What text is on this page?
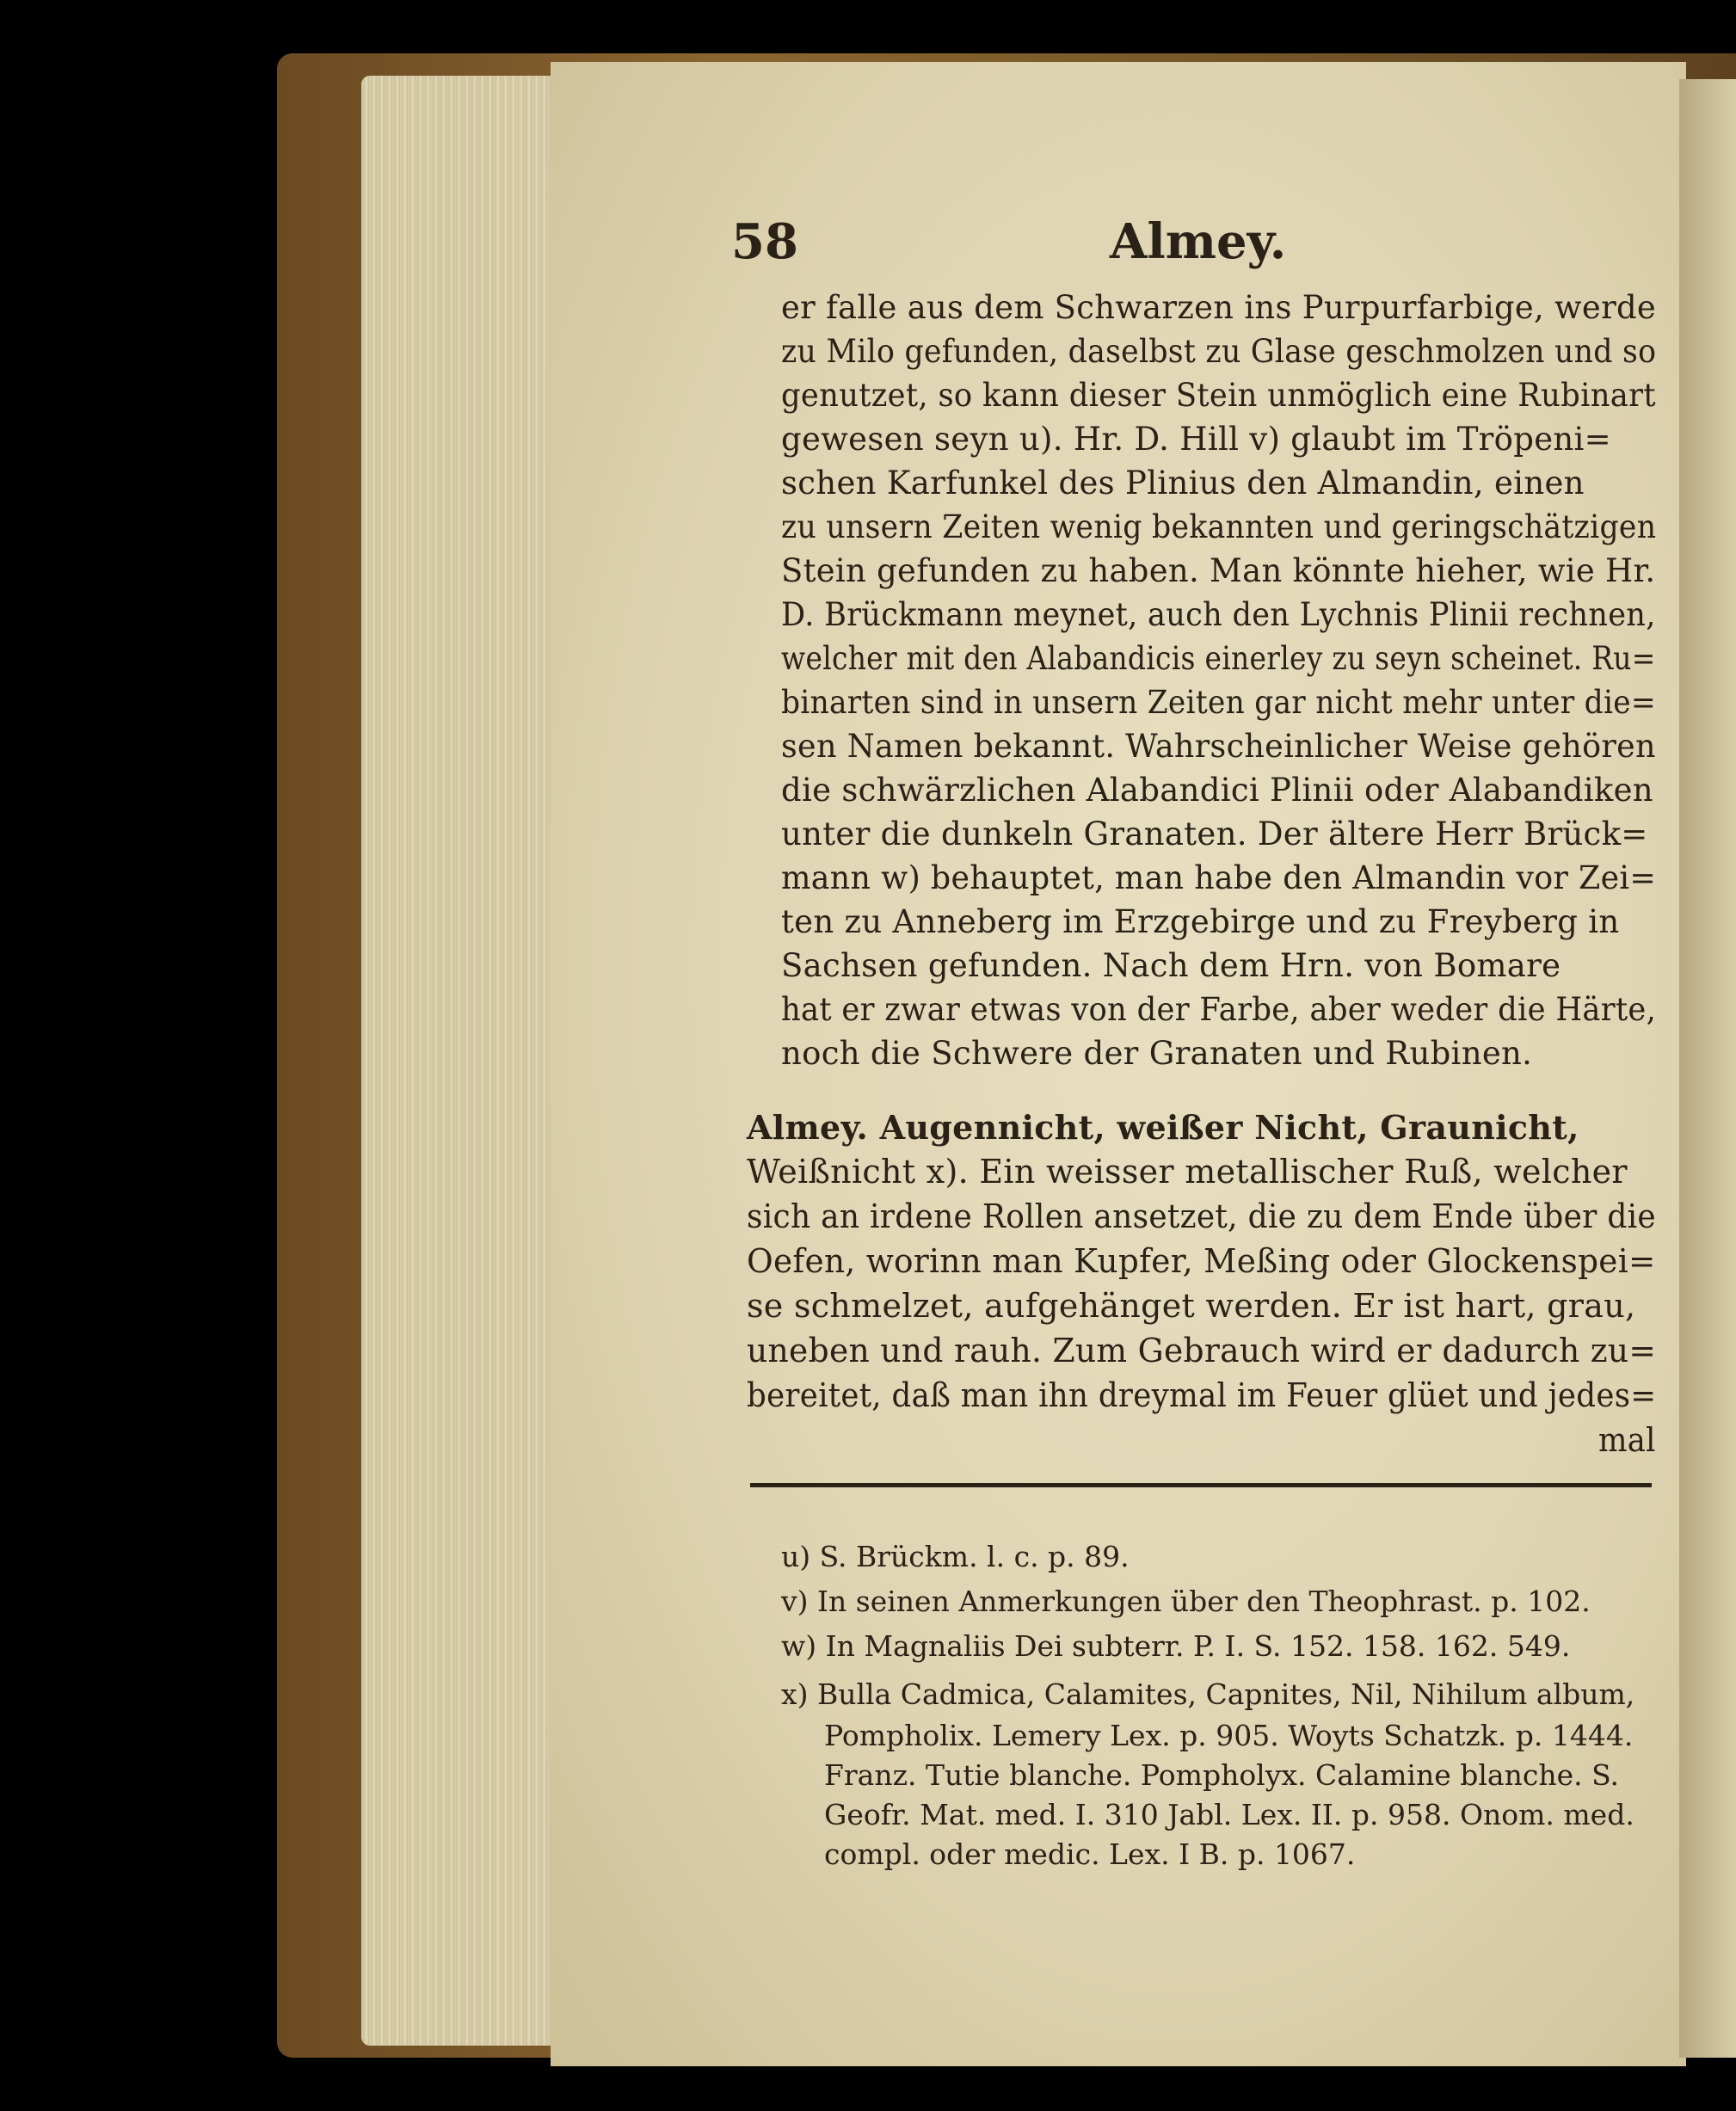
58	Almey.
er falle aus dem Schwarzen ins Purpurfarbige, werde
zu Milo gefunden, daselbst zu Glase geschmolzen und so
genutzet, so kann dieser Stein unmöglich eine Rubinart
gewesen seyn u). Hr. D. Hill v) glaubt im Tröpeni=
schen Karfunkel des Plinius den Almandin, einen
zu unsern Zeiten wenig bekannten und geringschätzigen
Stein gefunden zu haben. Man könnte hieher, wie Hr.
D. Brückmann meynet, auch den Lychnis Plinii rechnen,
welcher mit den Alabandicis einerley zu seyn scheinet. Ru=
binarten sind in unsern Zeiten gar nicht mehr unter die=
sen Namen bekannt. Wahrscheinlicher Weise gehören
die schwärzlichen Alabandici Plinii oder Alabandiken
unter die dunkeln Granaten. Der ältere Herr Brück=
mann w) behauptet, man habe den Almandin vor Zei=
ten zu Anneberg im Erzgebirge und zu Freyberg in
Sachsen gefunden. Nach dem Hrn. von Bomare
hat er zwar etwas von der Farbe, aber weder die Härte,
noch die Schwere der Granaten und Rubinen.
Almey. Augennicht, weißer Nicht, Graunicht,
Weißnicht x). Ein weisser metallischer Ruß, welcher
sich an irdene Rollen ansetzet, die zu dem Ende über die
Oefen, worinn man Kupfer, Meßing oder Glockenspei=
se schmelzet, aufgehänget werden. Er ist hart, grau,
uneben und rauh. Zum Gebrauch wird er dadurch zu=
bereitet, daß man ihn dreymal im Feuer glüet und jedes=
mal
u) S. Brückm. l. c. p. 89.
v) In seinen Anmerkungen über den Theophrast. p. 102.
w) In Magnaliis Dei subterr. P. I. S. 152. 158. 162. 549.
x) Bulla Cadmica, Calamites, Capnites, Nil, Nihilum album,
Pompholix. Lemery Lex. p. 905. Woyts Schatzk. p. 1444.
Franz. Tutie blanche. Pompholyx. Calamine blanche. S.
Geofr. Mat. med. I. 310 Jabl. Lex. II. p. 958. Onom. med.
compl. oder medic. Lex. I B. p. 1067.
